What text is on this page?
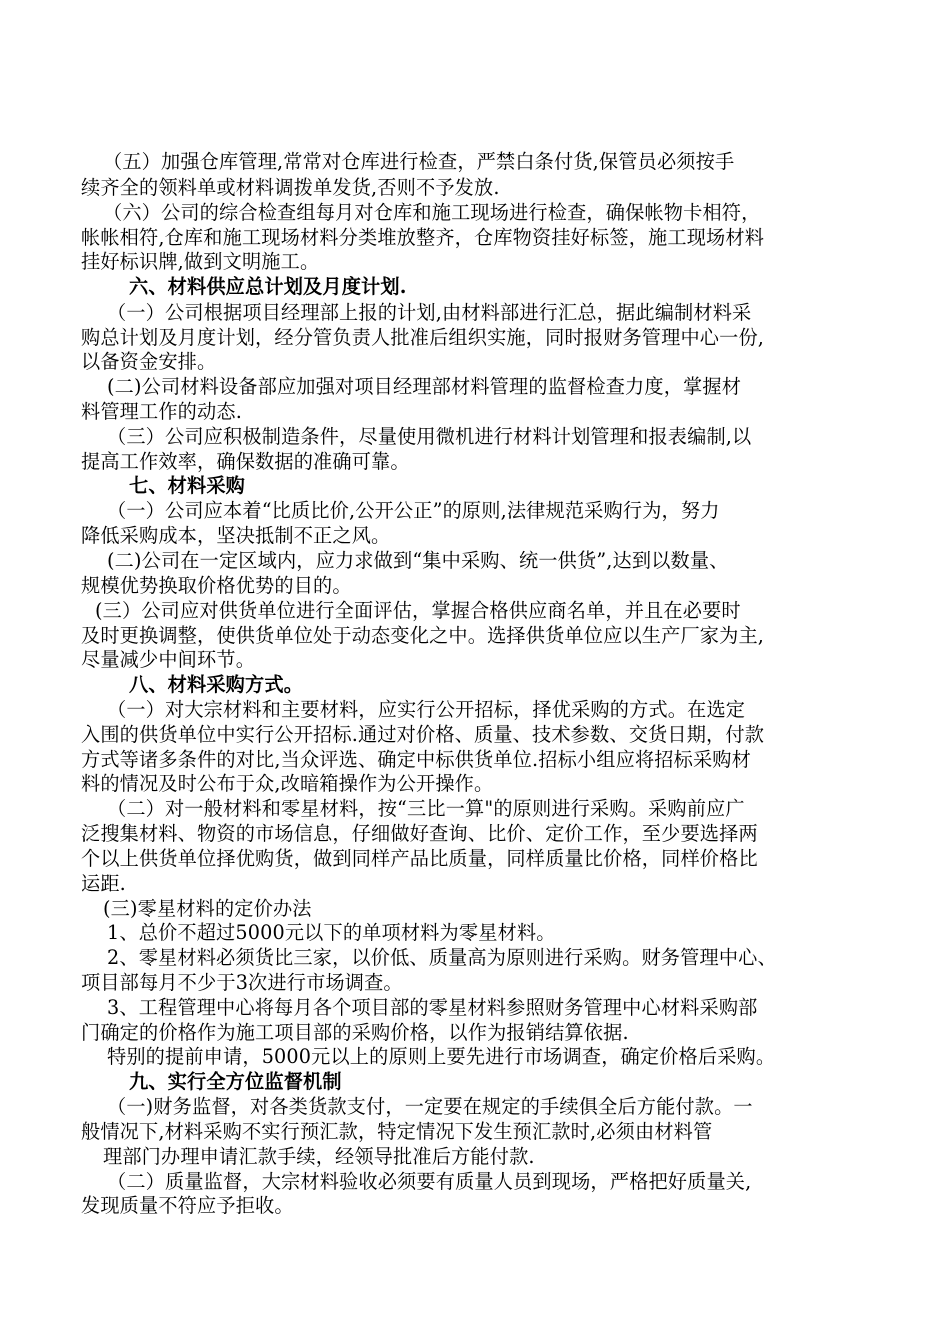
（五）加强仓库管理,常常对仓库进行检查，严禁白条付货,保管员必须按手
续齐全的领料单或材料调拨单发货,否则不予发放.
（六）公司的综合检查组每月对仓库和施工现场进行检查，确保帐物卡相符，
帐帐相符,仓库和施工现场材料分类堆放整齐，仓库物资挂好标签，施工现场材料
挂好标识牌,做到文明施工。
六、材料供应总计划及月度计划.
（一）公司根据项目经理部上报的计划,由材料部进行汇总，据此编制材料采
购总计划及月度计划，经分管负责人批准后组织实施，同时报财务管理中心一份,
以备资金安排。
(二)公司材料设备部应加强对项目经理部材料管理的监督检查力度，掌握材
料管理工作的动态.
（三）公司应积极制造条件，尽量使用微机进行材料计划管理和报表编制,以
提高工作效率，确保数据的准确可靠。
七、材料采购
（一）公司应本着“比质比价,公开公正”的原则,法律规范采购行为，努力
降低采购成本，坚决抵制不正之风。
(二)公司在一定区域内，应力求做到“集中采购、统一供货”,达到以数量、
规模优势换取价格优势的目的。
(三）公司应对供货单位进行全面评估，掌握合格供应商名单，并且在必要时
及时更换调整，使供货单位处于动态变化之中。选择供货单位应以生产厂家为主,
尽量减少中间环节。
八、材料采购方式。
（一）对大宗材料和主要材料，应实行公开招标，择优采购的方式。在选定
入围的供货单位中实行公开招标.通过对价格、质量、技术参数、交货日期，付款
方式等诸多条件的对比,当众评选、确定中标供货单位.招标小组应将招标采购材
料的情况及时公布于众,改暗箱操作为公开操作。
（二）对一般材料和零星材料，按“三比一算"的原则进行采购。采购前应广
泛搜集材料、物资的市场信息，仔细做好查询、比价、定价工作，至少要选择两
个以上供货单位择优购货，做到同样产品比质量，同样质量比价格，同样价格比
运距.
(三)零星材料的定价办法
1、总价不超过5000元以下的单项材料为零星材料。
2、零星材料必须货比三家，以价低、质量高为原则进行采购。财务管理中心、
项目部每月不少于3次进行市场调查。
3、工程管理中心将每月各个项目部的零星材料参照财务管理中心材料采购部
门确定的价格作为施工项目部的采购价格，以作为报销结算依据.
特别的提前申请，5000元以上的原则上要先进行市场调查，确定价格后采购。
九、实行全方位监督机制
（一)财务监督，对各类货款支付，一定要在规定的手续俱全后方能付款。一
般情况下,材料采购不实行预汇款，特定情况下发生预汇款时,必须由材料管
理部门办理申请汇款手续，经领导批准后方能付款.
（二）质量监督，大宗材料验收必须要有质量人员到现场，严格把好质量关,
发现质量不符应予拒收。
